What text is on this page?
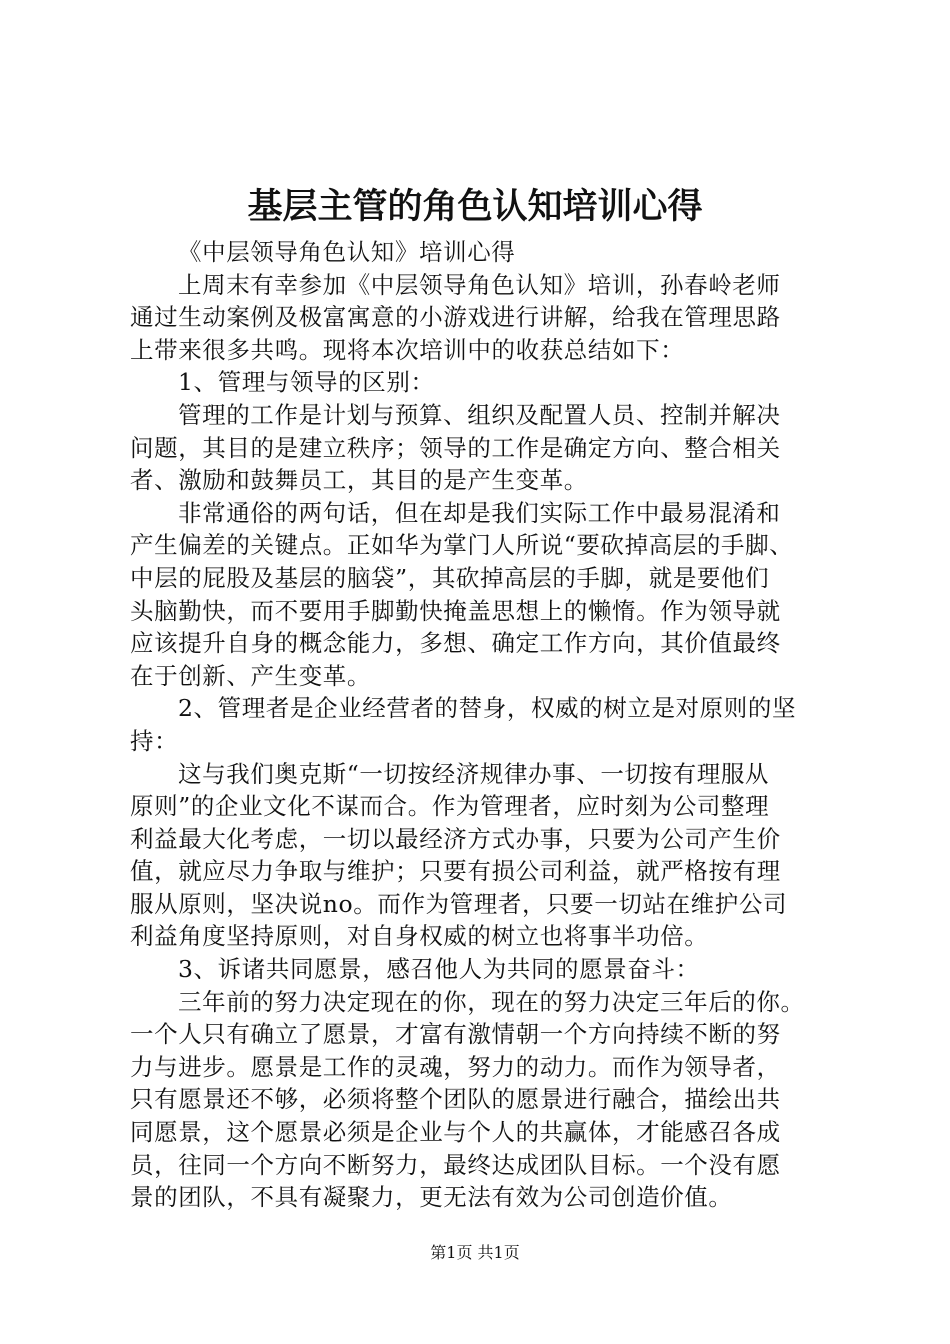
基层主管的角色认知培训心得
《中层领导角色认知》培训心得
上周末有幸参加《中层领导角色认知》培训，孙春岭老师
通过生动案例及极富寓意的小游戏进行讲解，给我在管理思路
上带来很多共鸣。现将本次培训中的收获总结如下：
1、管理与领导的区别：
管理的工作是计划与预算、组织及配置人员、控制并解决
问题，其目的是建立秩序；领导的工作是确定方向、整合相关
者、激励和鼓舞员工，其目的是产生变革。
非常通俗的两句话，但在却是我们实际工作中最易混淆和
产生偏差的关键点。正如华为掌门人所说“要砍掉高层的手脚、
中层的屁股及基层的脑袋”，其砍掉高层的手脚，就是要他们
头脑勤快，而不要用手脚勤快掩盖思想上的懒惰。作为领导就
应该提升自身的概念能力，多想、确定工作方向，其价值最终
在于创新、产生变革。
2、管理者是企业经营者的替身，权威的树立是对原则的坚
持：
这与我们奥克斯“一切按经济规律办事、一切按有理服从
原则”的企业文化不谋而合。作为管理者，应时刻为公司整理
利益最大化考虑，一切以最经济方式办事，只要为公司产生价
值，就应尽力争取与维护；只要有损公司利益，就严格按有理
服从原则，坚决说no。而作为管理者，只要一切站在维护公司
利益角度坚持原则，对自身权威的树立也将事半功倍。
3、诉诸共同愿景，感召他人为共同的愿景奋斗：
三年前的努力决定现在的你，现在的努力决定三年后的你。
一个人只有确立了愿景，才富有激情朝一个方向持续不断的努
力与进步。愿景是工作的灵魂，努力的动力。而作为领导者，
只有愿景还不够，必须将整个团队的愿景进行融合，描绘出共
同愿景，这个愿景必须是企业与个人的共赢体，才能感召各成
员，往同一个方向不断努力，最终达成团队目标。一个没有愿
景的团队，不具有凝聚力，更无法有效为公司创造价值。
第1页 共1页
